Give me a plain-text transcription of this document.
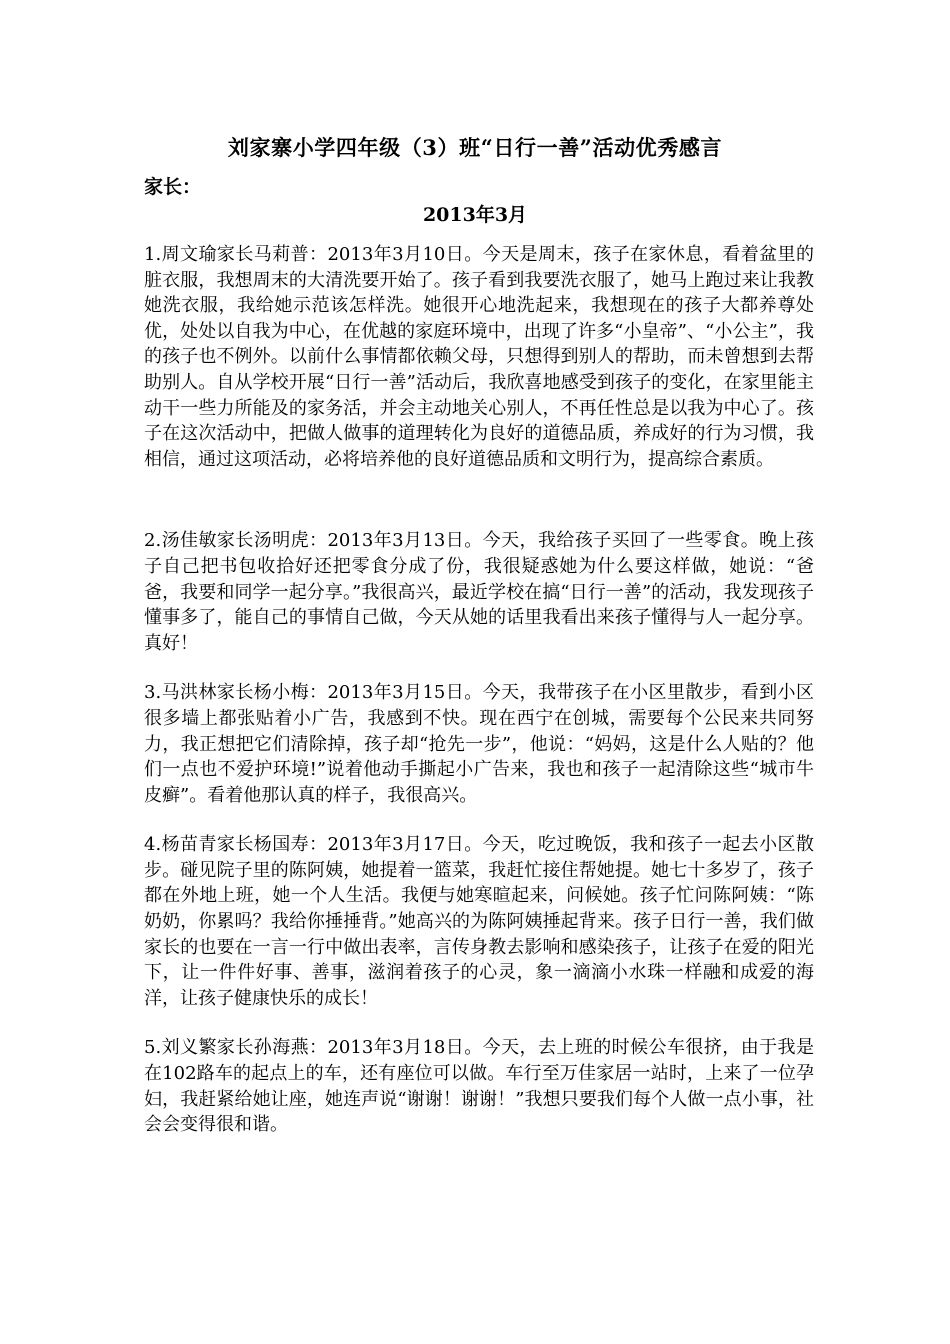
刘家寨小学四年级（3）班“日行一善”活动优秀感言
家长：
2013年3月

1.周文瑜家长马莉普：2013年3月10日。今天是周末，孩子在家休息，看着盆里的脏衣服，我想周末的大清洗要开始了。孩子看到我要洗衣服了，她马上跑过来让我教她洗衣服，我给她示范该怎样洗。她很开心地洗起来，我想现在的孩子大都养尊处优，处处以自我为中心，在优越的家庭环境中，出现了许多“小皇帝”、“小公主”，我的孩子也不例外。以前什么事情都依赖父母，只想得到别人的帮助，而未曾想到去帮助别人。自从学校开展“日行一善”活动后，我欣喜地感受到孩子的变化，在家里能主动干一些力所能及的家务活，并会主动地关心别人，不再任性总是以我为中心了。孩子在这次活动中，把做人做事的道理转化为良好的道德品质，养成好的行为习惯，我相信，通过这项活动，必将培养他的良好道德品质和文明行为，提高综合素质。

2.汤佳敏家长汤明虎：2013年3月13日。今天，我给孩子买回了一些零食。晚上孩子自己把书包收拾好还把零食分成了份，我很疑惑她为什么要这样做，她说：“爸爸，我要和同学一起分享。”我很高兴，最近学校在搞“日行一善”的活动，我发现孩子懂事多了，能自己的事情自己做，今天从她的话里我看出来孩子懂得与人一起分享。真好！

3.马洪林家长杨小梅：2013年3月15日。今天，我带孩子在小区里散步，看到小区很多墙上都张贴着小广告，我感到不快。现在西宁在创城，需要每个公民来共同努力，我正想把它们清除掉，孩子却“抢先一步”，他说：“妈妈，这是什么人贴的？他们一点也不爱护环境!”说着他动手撕起小广告来，我也和孩子一起清除这些“城市牛皮癣”。看着他那认真的样子，我很高兴。

4.杨苗青家长杨国寿：2013年3月17日。今天，吃过晚饭，我和孩子一起去小区散步。碰见院子里的陈阿姨，她提着一篮菜，我赶忙接住帮她提。她七十多岁了，孩子都在外地上班，她一个人生活。我便与她寒暄起来，问候她。孩子忙问陈阿姨：“陈奶奶，你累吗？我给你捶捶背。”她高兴的为陈阿姨捶起背来。孩子日行一善，我们做家长的也要在一言一行中做出表率，言传身教去影响和感染孩子，让孩子在爱的阳光下，让一件件好事、善事，滋润着孩子的心灵，象一滴滴小水珠一样融和成爱的海洋，让孩子健康快乐的成长！

5.刘义繁家长孙海燕：2013年3月18日。今天，去上班的时候公车很挤，由于我是在102路车的起点上的车，还有座位可以做。车行至万佳家居一站时，上来了一位孕妇，我赶紧给她让座，她连声说“谢谢！谢谢！”我想只要我们每个人做一点小事，社会会变得很和谐。
